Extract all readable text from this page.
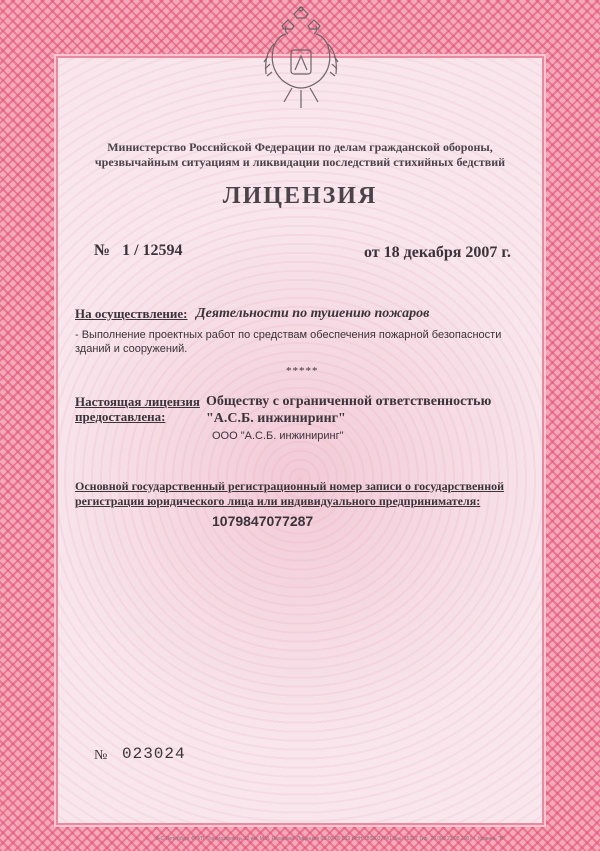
Министерство Российской Федерации по делам гражданской обороны,
чрезвычайным ситуациям и ликвидации последствий стихийных бедствий
ЛИЦЕНЗИЯ
№ 1 / 12594	от 18 декабря 2007 г.
На осуществление: Деятельности по тушению пожаров
- Выполнение проектных работ по средствам обеспечения пожарной безопасности зданий и сооружений.
*****
Настоящая лицензия
предоставлена:
Обществу с ограниченной ответственностью
"А.С.Б. инжиниринг"
ООО "А.С.Б. инжиниринг"
Основной государственный регистрационный номер записи о государственной
регистрации юридического лица или индивидуального предпринимателя:
1079847077287
№ 023024
Ф-С-Петербург ФГУП "Типография № 12 им. М.И. Лоханова" Лицензия 05-00-00 519 ИНН 7808037741 Зак. 75297 Тир. 20 000 23.08.2007 г. Уровень "Б"
